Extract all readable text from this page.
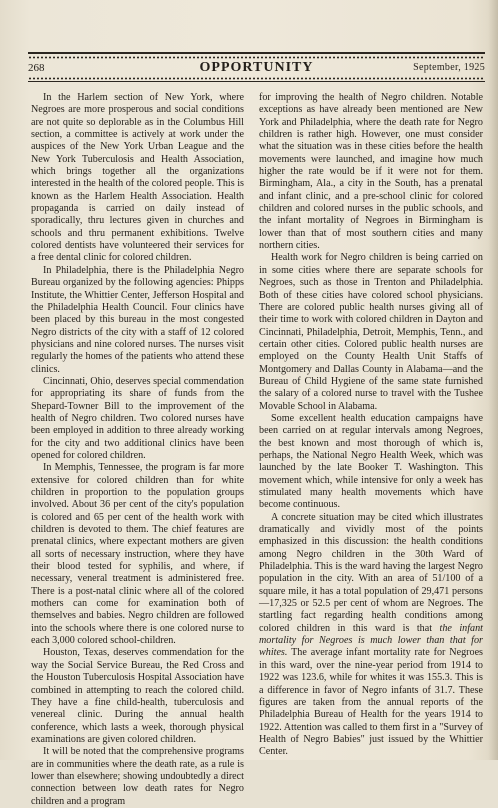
268	OPPORTUNITY	September, 1925

In the Harlem section of New York, where Negroes are more prosperous and social conditions are not quite so deplorable as in the Columbus Hill section, a committee is actively at work under the auspices of the New York Urban League and the New York Tuberculosis and Health Association, which brings together all the organizations interested in the health of the colored people. This is known as the Harlem Health Association. Health propaganda is carried on daily instead of sporadically, thru lectures given in churches and schools and thru permanent exhibitions. Twelve colored dentists have volunteered their services for a free dental clinic for colored children.

In Philadelphia, there is the Philadelphia Negro Bureau organized by the following agencies: Phipps Institute, the Whittier Center, Jefferson Hospital and the Philadelphia Health Council. Four clinics have been placed by this bureau in the most congested Negro districts of the city with a staff of 12 colored physicians and nine colored nurses. The nurses visit regularly the homes of the patients who attend these clinics.

Cincinnati, Ohio, deserves special commendation for appropriating its share of funds from the Shepard-Towner Bill to the improvement of the health of Negro children. Two colored nurses have been employed in addition to three already working for the city and two additional clinics have been opened for colored children.

In Memphis, Tennessee, the program is far more extensive for colored children than for white children in proportion to the population groups involved. About 36 per cent of the city's population is colored and 65 per cent of the health work with children is devoted to them. The chief features are prenatal clinics, where expectant mothers are given all sorts of necessary instruction, where they have their blood tested for syphilis, and where, if necessary, veneral treatment is administered free. There is a post-natal clinic where all of the colored mothers can come for examination both of themselves and babies. Negro children are followed into the schools where there is one colored nurse to each 3,000 colored school-children.

Houston, Texas, deserves commendation for the way the Social Service Bureau, the Red Cross and the Houston Tuberculosis Hospital Association have combined in attempting to reach the colored child. They have a fine child-health, tuberculosis and venereal clinic. During the annual health conference, which lasts a week, thorough physical examinations are given colored children.

It will be noted that the comprehensive programs are in communities where the death rate, as a rule is lower than elsewhere; showing undoubtedly a direct connection between low death rates for Negro children and a program

for improving the health of Negro children. Notable exceptions as have already been mentioned are New York and Philadelphia, where the death rate for Negro children is rather high. However, one must consider what the situation was in these cities before the health movements were launched, and imagine how much higher the rate would be if it were not for them. Birmingham, Ala., a city in the South, has a prenatal and infant clinic, and a pre-school clinic for colored children and colored nurses in the public schools, and the infant mortality of Negroes in Birmingham is lower than that of most southern cities and many northern cities.

Health work for Negro children is being carried on in some cities where there are separate schools for Negroes, such as those in Trenton and Philadelphia. Both of these cities have colored school physicians. There are colored public health nurses giving all of their time to work with colored children in Dayton and Cincinnati, Philadelphia, Detroit, Memphis, Tenn., and certain other cities. Colored public health nurses are employed on the County Health Unit Staffs of Montgomery and Dallas County in Alabama—and the Bureau of Child Hygiene of the same state furnished the salary of a colored nurse to travel with the Tushee Movable School in Alabama.

Some excellent health education campaigns have been carried on at regular intervals among Negroes, the best known and most thorough of which is, perhaps, the National Negro Health Week, which was launched by the late Booker T. Washington. This movement which, while intensive for only a week has stimulated many health movements which have become continuous.

A concrete situation may be cited which illustrates dramatically and vividly most of the points emphasized in this discussion: the health conditions among Negro children in the 30th Ward of Philadelphia. This is the ward having the largest Negro population in the city. With an area of 51/100 of a square mile, it has a total population of 29,471 persons—17,325 or 52.5 per cent of whom are Negroes. The startling fact regarding health conditions among colored children in this ward is that the infant mortality for Negroes is much lower than that for whites. The average infant mortality rate for Negroes in this ward, over the nine-year period from 1914 to 1922 was 123.6, while for whites it was 155.3. This is a difference in favor of Negro infants of 31.7. These figures are taken from the annual reports of the Philadelphia Bureau of Health for the years 1914 to 1922. Attention was called to them first in a "Survey of Health of Negro Babies" just issued by the Whittier Center.
